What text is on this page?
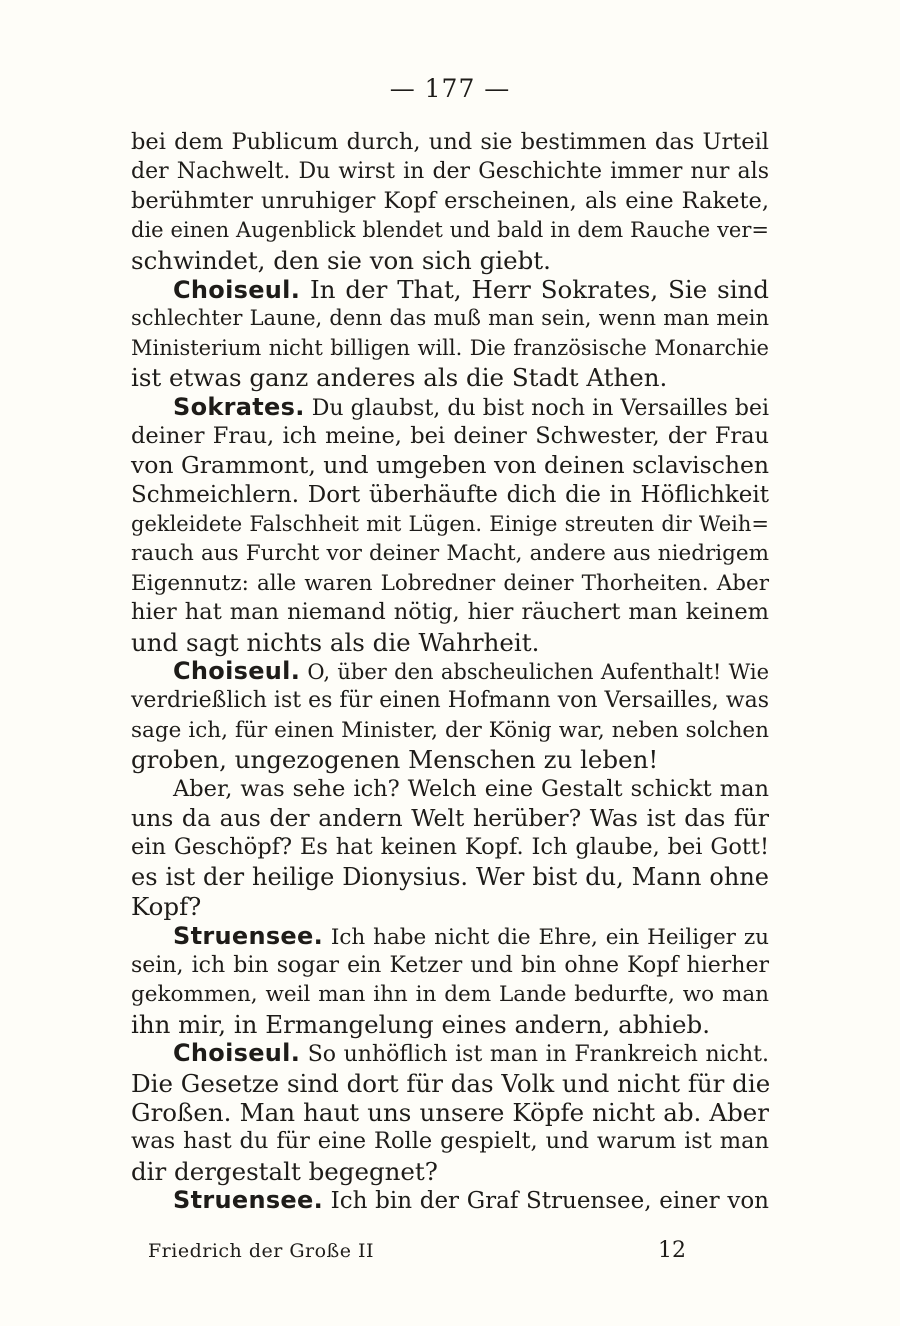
— 177 —
bei dem Publicum durch, und sie bestimmen das Urteil
der Nachwelt. Du wirst in der Geschichte immer nur als
berühmter unruhiger Kopf erscheinen, als eine Rakete,
die einen Augenblick blendet und bald in dem Rauche ver=
schwindet, den sie von sich giebt.
Choiseul. In der That, Herr Sokrates, Sie sind
schlechter Laune, denn das muß man sein, wenn man mein
Ministerium nicht billigen will. Die französische Monarchie
ist etwas ganz anderes als die Stadt Athen.
Sokrates. Du glaubst, du bist noch in Versailles bei
deiner Frau, ich meine, bei deiner Schwester, der Frau
von Grammont, und umgeben von deinen sclavischen
Schmeichlern. Dort überhäufte dich die in Höflichkeit
gekleidete Falschheit mit Lügen. Einige streuten dir Weih=
rauch aus Furcht vor deiner Macht, andere aus niedrigem
Eigennutz: alle waren Lobredner deiner Thorheiten. Aber
hier hat man niemand nötig, hier räuchert man keinem
und sagt nichts als die Wahrheit.
Choiseul. O, über den abscheulichen Aufenthalt! Wie
verdrießlich ist es für einen Hofmann von Versailles, was
sage ich, für einen Minister, der König war, neben solchen
groben, ungezogenen Menschen zu leben!
Aber, was sehe ich? Welch eine Gestalt schickt man
uns da aus der andern Welt herüber? Was ist das für
ein Geschöpf? Es hat keinen Kopf. Ich glaube, bei Gott!
es ist der heilige Dionysius. Wer bist du, Mann ohne
Kopf?
Struensee. Ich habe nicht die Ehre, ein Heiliger zu
sein, ich bin sogar ein Ketzer und bin ohne Kopf hierher
gekommen, weil man ihn in dem Lande bedurfte, wo man
ihn mir, in Ermangelung eines andern, abhieb.
Choiseul. So unhöflich ist man in Frankreich nicht.
Die Gesetze sind dort für das Volk und nicht für die
Großen. Man haut uns unsere Köpfe nicht ab. Aber
was hast du für eine Rolle gespielt, und warum ist man
dir dergestalt begegnet?
Struensee. Ich bin der Graf Struensee, einer von
Friedrich der Große II	12
